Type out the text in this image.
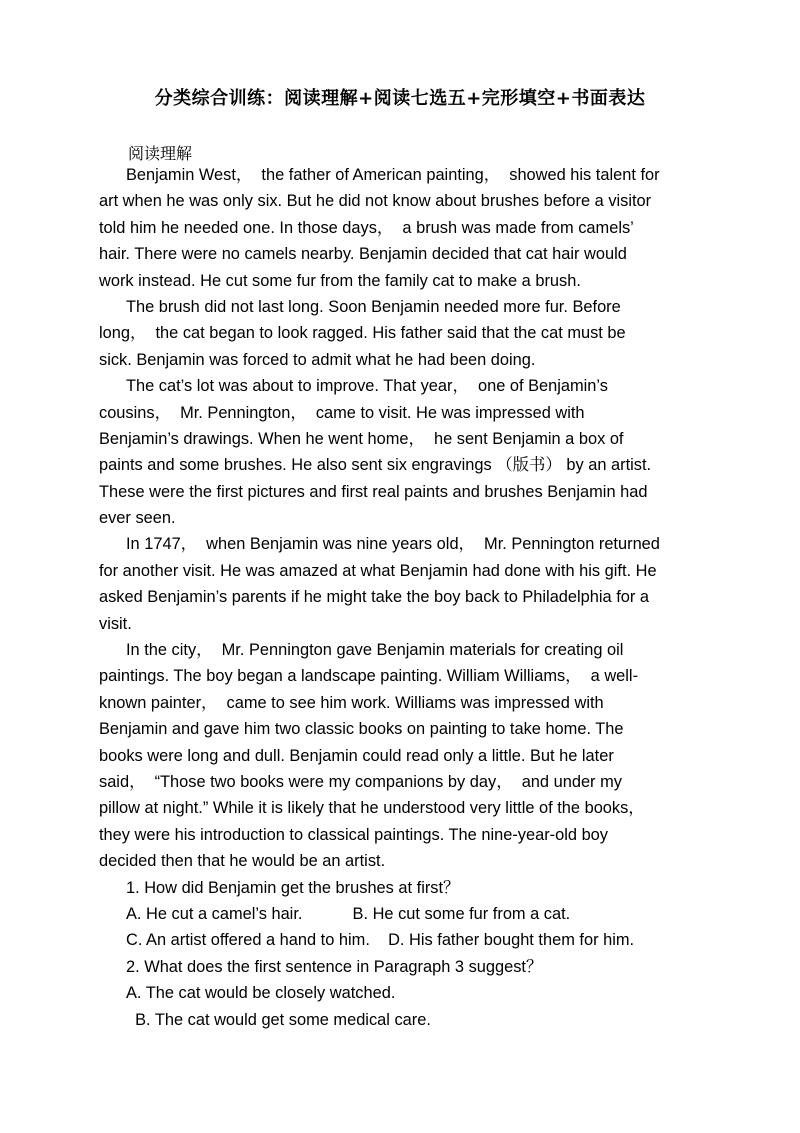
分类综合训练：阅读理解+阅读七选五+完形填空+书面表达
阅读理解
Benjamin West，  the father of American painting，  showed his talent for
art when he was only six. But he did not know about brushes before a visitor
told him he needed one. In those days，  a brush was made from camels’
hair. There were no camels nearby. Benjamin decided that cat hair would
work instead. He cut some fur from the family cat to make a brush.
The brush did not last long. Soon Benjamin needed more fur. Before
long，  the cat began to look ragged. His father said that the cat must be
sick. Benjamin was forced to admit what he had been doing.
The cat’s lot was about to improve. That year，  one of Benjamin’s
cousins，  Mr. Pennington，  came to visit. He was impressed with
Benjamin’s drawings. When he went home，  he sent Benjamin a box of
paints and some brushes. He also sent six engravings （版书） by an artist.
These were the first pictures and first real paints and brushes Benjamin had
ever seen.
In 1747，  when Benjamin was nine years old，  Mr. Pennington returned
for another visit. He was amazed at what Benjamin had done with his gift. He
asked Benjamin’s parents if he might take the boy back to Philadelphia for a
visit.
In the city，  Mr. Pennington gave Benjamin materials for creating oil
paintings. The boy began a landscape painting. William Williams，  a well-
known painter，  came to see him work. Williams was impressed with
Benjamin and gave him two classic books on painting to take home. The
books were long and dull. Benjamin could read only a little. But he later
said，  “Those two books were my companions by day，  and under my
pillow at night.” While it is likely that he understood very little of the books，
they were his introduction to classical paintings. The nine-year-old boy
decided then that he would be an artist.
1. How did Benjamin get the brushes at first？
A. He cut a camel’s hair.           B. He cut some fur from a cat.
C. An artist offered a hand to him.    D. His father bought them for him.
2. What does the first sentence in Paragraph 3 suggest？
A. The cat would be closely watched.
B. The cat would get some medical care.
